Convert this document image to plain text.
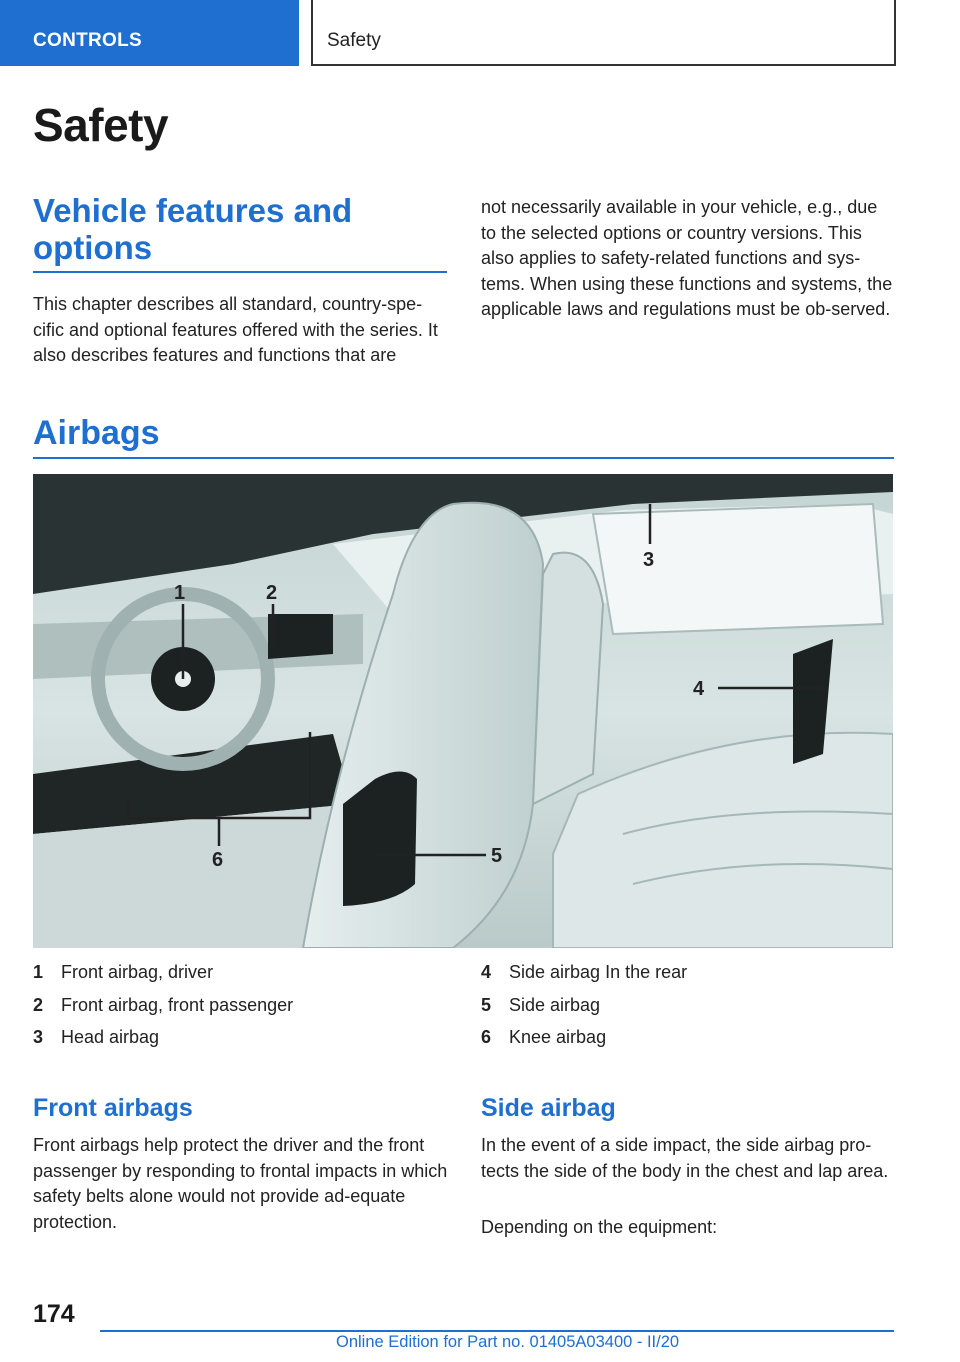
CONTROLS	Safety
Safety
Vehicle features and options

This chapter describes all standard, country-spe-cific and optional features offered with the series. It also describes features and functions that are

not necessarily available in your vehicle, e.g., due to the selected options or country versions. This also applies to safety-related functions and sys-tems. When using these functions and systems, the applicable laws and regulations must be ob-served.

Airbags
1	2
3
4
5
6
1 Front airbag, driver
2 Front airbag, front passenger
3 Head airbag
4 Side airbag In the rear
5 Side airbag
6 Knee airbag
Front airbags

Front airbags help protect the driver and the front passenger by responding to frontal impacts in which safety belts alone would not provide ad-equate protection.

Side airbag

In the event of a side impact, the side airbag pro-tects the side of the body in the chest and lap area.

Depending on the equipment:

174
Online Edition for Part no. 01405A03400 - II/20
